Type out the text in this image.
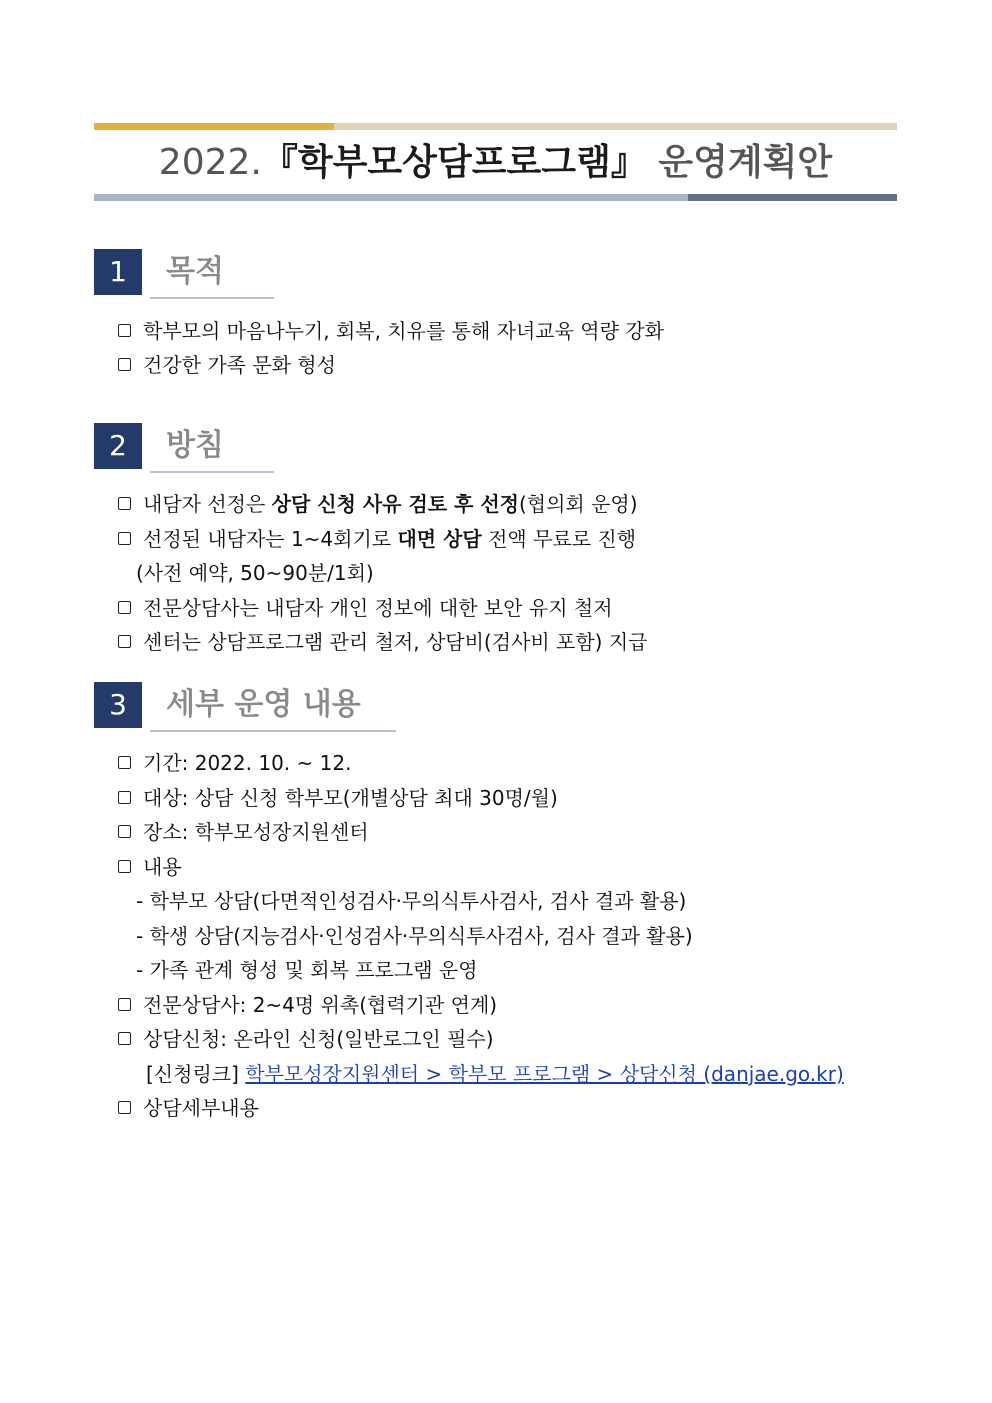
2022.『학부모상담프로그램』 운영계획안
1	목적
학부모의 마음나누기, 회복, 치유를 통해 자녀교육 역량 강화
건강한 가족 문화 형성
2	방침
내담자 선정은 상담 신청 사유 검토 후 선정(협의회 운영)
선정된 내담자는 1~4회기로 대면 상담 전액 무료로 진행
(사전 예약, 50~90분/1회)
전문상담사는 내담자 개인 정보에 대한 보안 유지 철저
센터는 상담프로그램 관리 철저, 상담비(검사비 포함) 지급
3	세부 운영 내용
기간: 2022. 10. ~ 12.
대상: 상담 신청 학부모(개별상담 최대 30명/월)
장소: 학부모성장지원센터
내용
- 학부모 상담(다면적인성검사·무의식투사검사, 검사 결과 활용)
- 학생 상담(지능검사·인성검사·무의식투사검사, 검사 결과 활용)
- 가족 관계 형성 및 회복 프로그램 운영
전문상담사: 2~4명 위촉(협력기관 연계)
상담신청: 온라인 신청(일반로그인 필수)
[신청링크] 학부모성장지원센터 > 학부모 프로그램 > 상담신청 (danjae.go.kr)
상담세부내용
